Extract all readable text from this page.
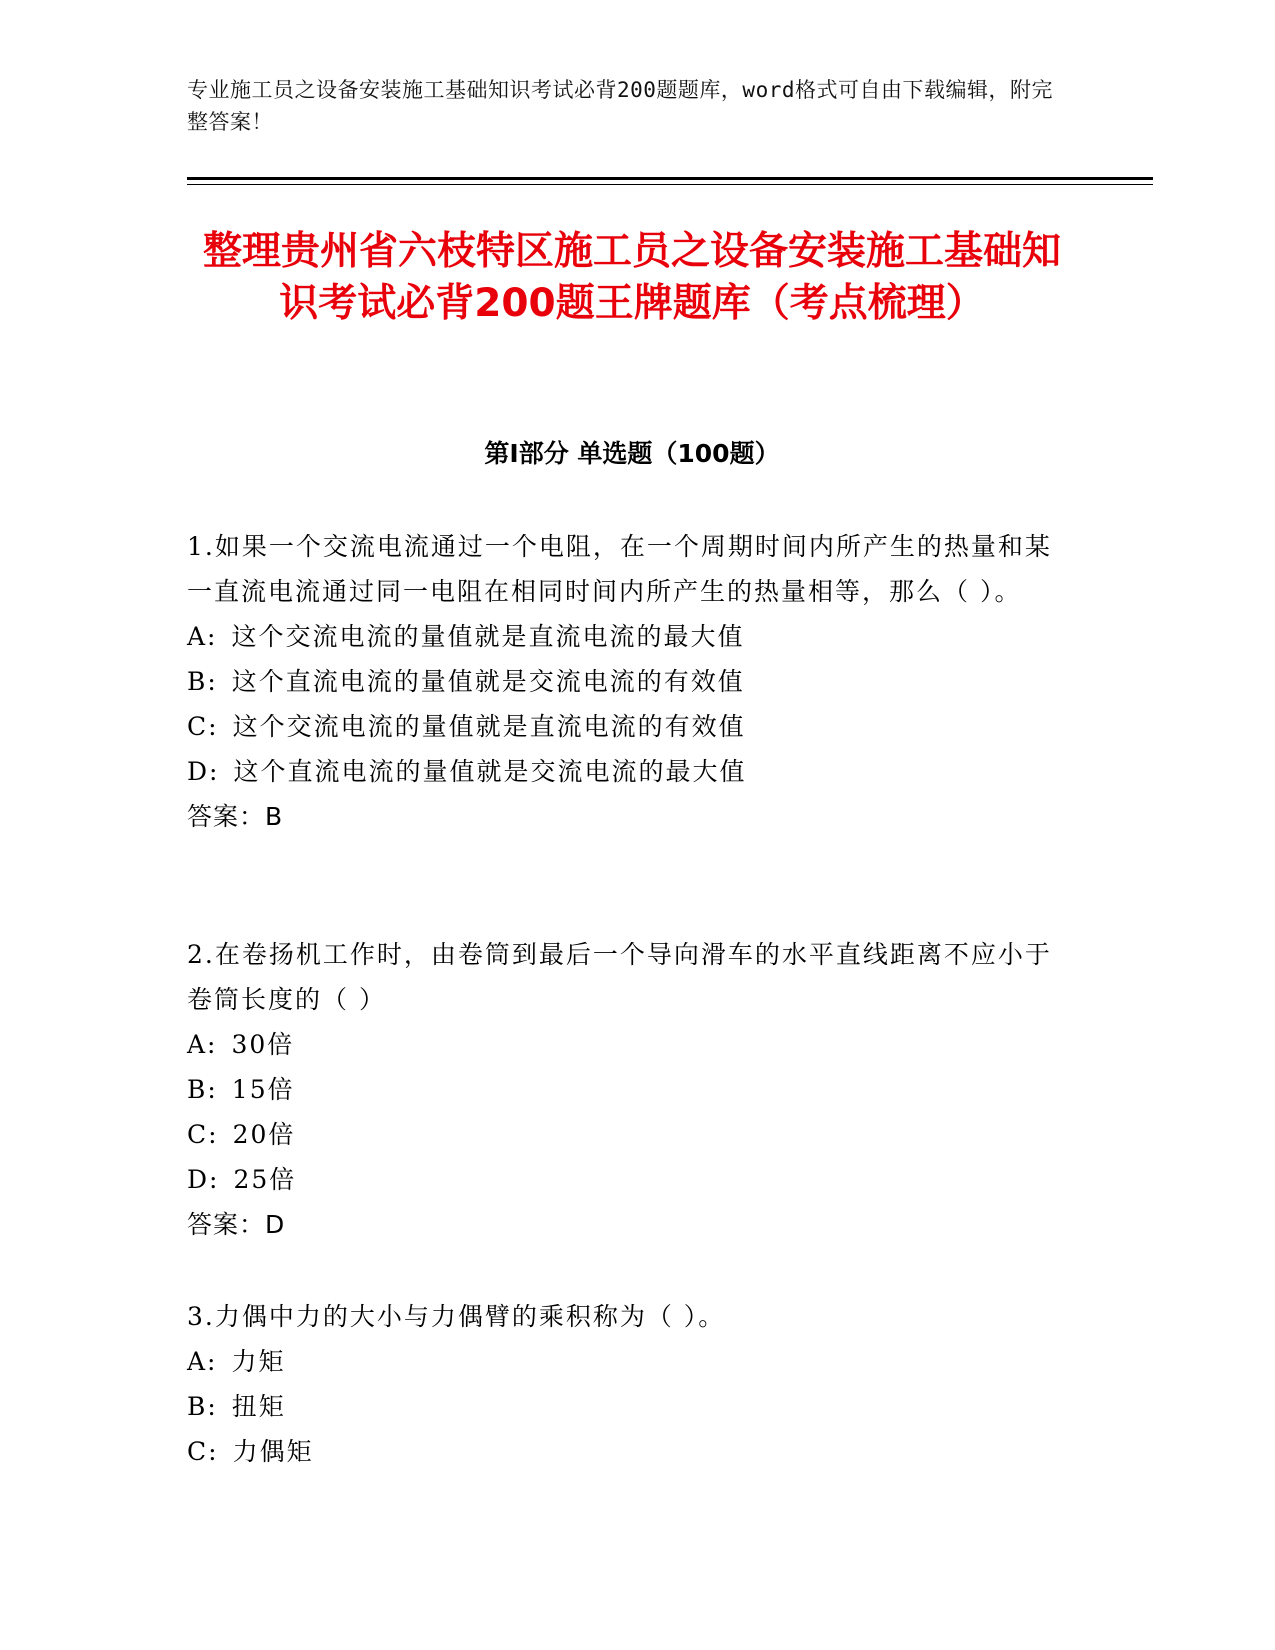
专业施工员之设备安装施工基础知识考试必背200题题库，word格式可自由下载编辑，附完整答案！
整理贵州省六枝特区施工员之设备安装施工基础知识考试必背200题王牌题库（考点梳理）
第Ⅰ部分 单选题（100题）

1.如果一个交流电流通过一个电阻，在一个周期时间内所产生的热量和某一直流电流通过同一电阻在相同时间内所产生的热量相等，那么（ ）。

A: 这个交流电流的量值就是直流电流的最大值

B: 这个直流电流的量值就是交流电流的有效值

C: 这个交流电流的量值就是直流电流的有效值

D: 这个直流电流的量值就是交流电流的最大值

答案：B

2.在卷扬机工作时，由卷筒到最后一个导向滑车的水平直线距离不应小于卷筒长度的（ ）

A: 30倍

B: 15倍

C: 20倍

D: 25倍

答案：D

3.力偶中力的大小与力偶臂的乘积称为（ ）。

A: 力矩

B: 扭矩

C: 力偶矩
